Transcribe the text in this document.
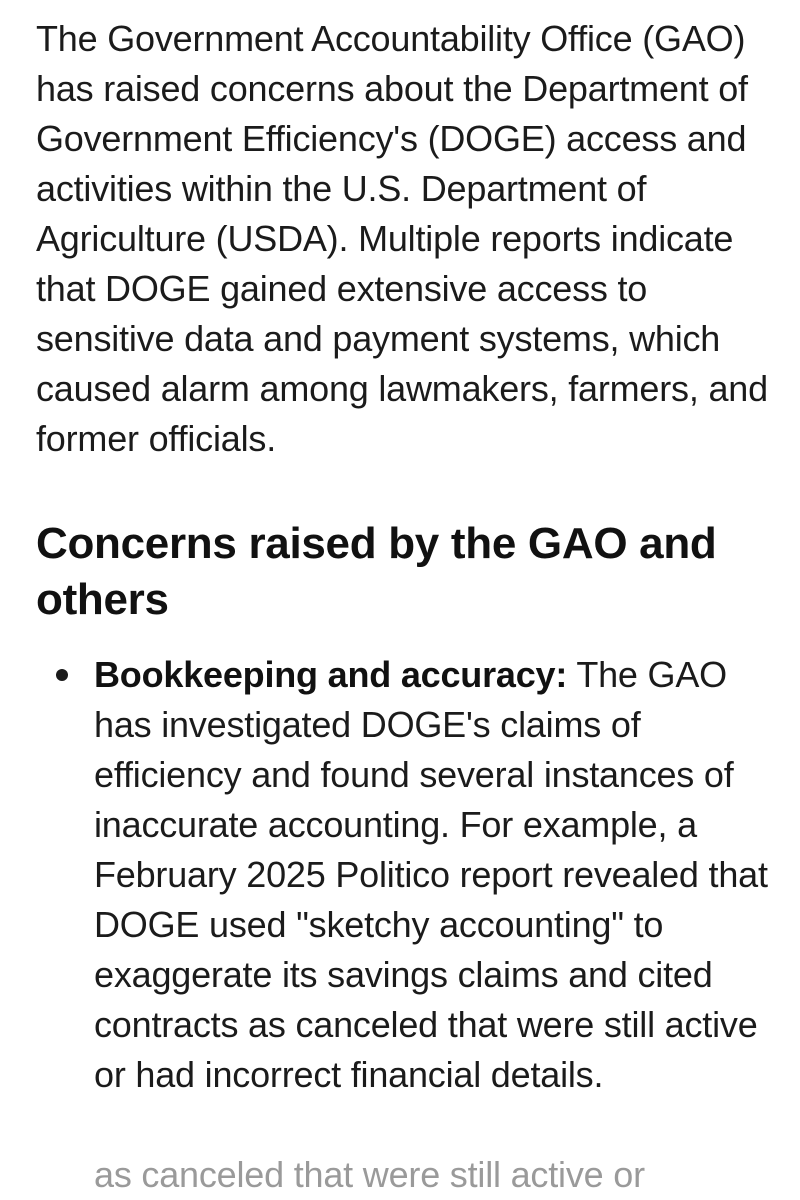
The Government Accountability Office (GAO) has raised concerns about the Department of Government Efficiency's (DOGE) access and activities within the U.S. Department of Agriculture (USDA). Multiple reports indicate that DOGE gained extensive access to sensitive data and payment systems, which caused alarm among lawmakers, farmers, and former officials.

Concerns raised by the GAO and others
Bookkeeping and accuracy: The GAO has investigated DOGE's claims of efficiency and found several instances of inaccurate accounting. For example, a February 2025 Politico report revealed that DOGE used "sketchy accounting" to exaggerate its savings claims and cited contracts as canceled that were still active or had incorrect financial details.
as canceled that were still active or
